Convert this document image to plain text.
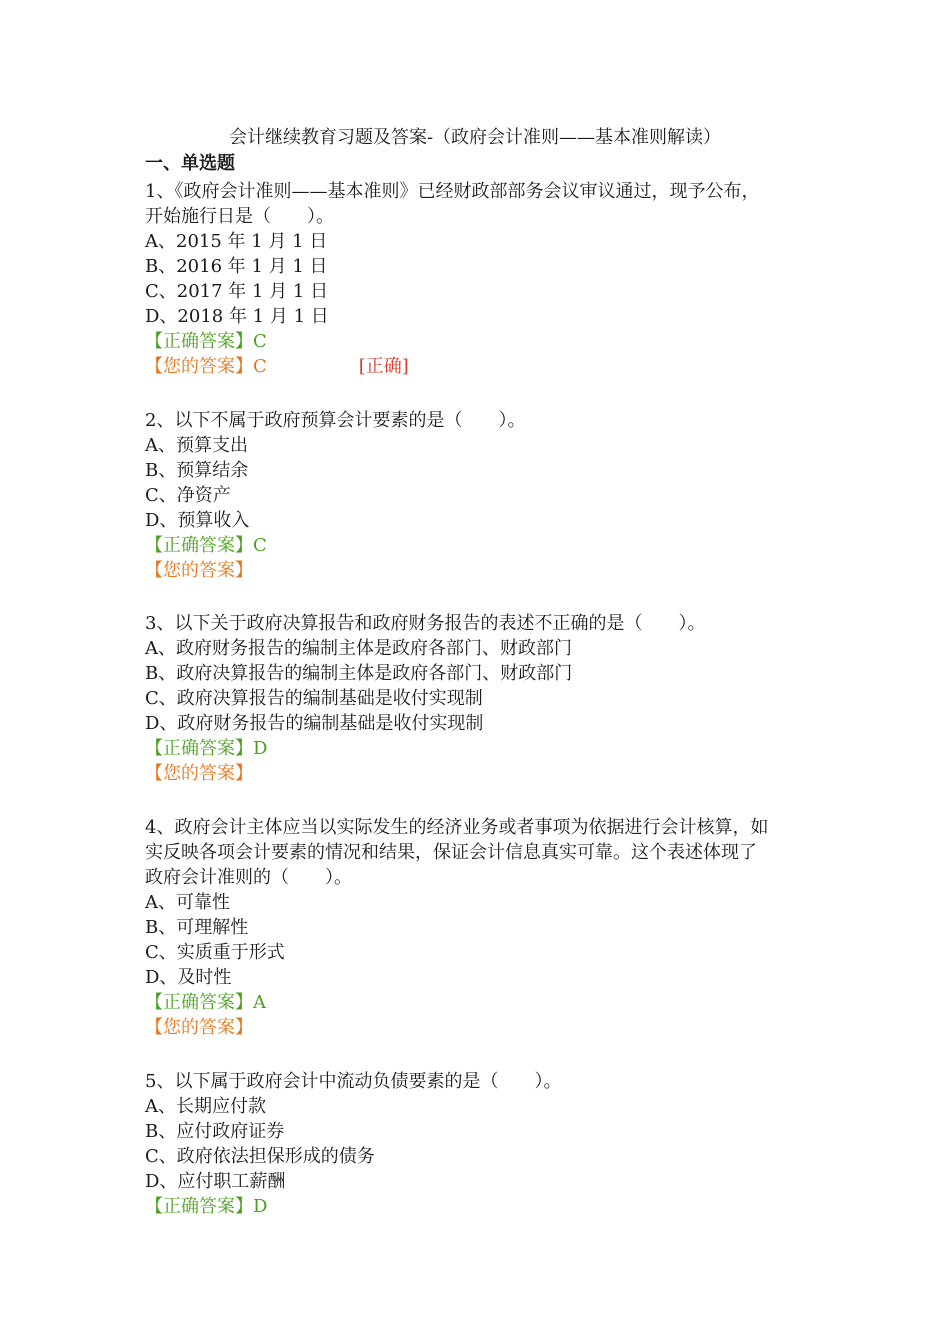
会计继续教育习题及答案-（政府会计准则——基本准则解读）
一、单选题
1、《政府会计准则——基本准则》已经财政部部务会议审议通过，现予公布，
开始施行日是（　　）。
A、2015 年 1 月 1 日
B、2016 年 1 月 1 日
C、2017 年 1 月 1 日
D、2018 年 1 月 1 日
【正确答案】C
【您的答案】C	[正确]
2、以下不属于政府预算会计要素的是（　　）。
A、预算支出
B、预算结余
C、净资产
D、预算收入
【正确答案】C
【您的答案】
3、以下关于政府决算报告和政府财务报告的表述不正确的是（　　）。
A、政府财务报告的编制主体是政府各部门、财政部门
B、政府决算报告的编制主体是政府各部门、财政部门
C、政府决算报告的编制基础是收付实现制
D、政府财务报告的编制基础是收付实现制
【正确答案】D
【您的答案】
4、政府会计主体应当以实际发生的经济业务或者事项为依据进行会计核算，如
实反映各项会计要素的情况和结果，保证会计信息真实可靠。这个表述体现了
政府会计准则的（　　）。
A、可靠性
B、可理解性
C、实质重于形式
D、及时性
【正确答案】A
【您的答案】
5、以下属于政府会计中流动负债要素的是（　　）。
A、长期应付款
B、应付政府证券
C、政府依法担保形成的债务
D、应付职工薪酬
【正确答案】D
